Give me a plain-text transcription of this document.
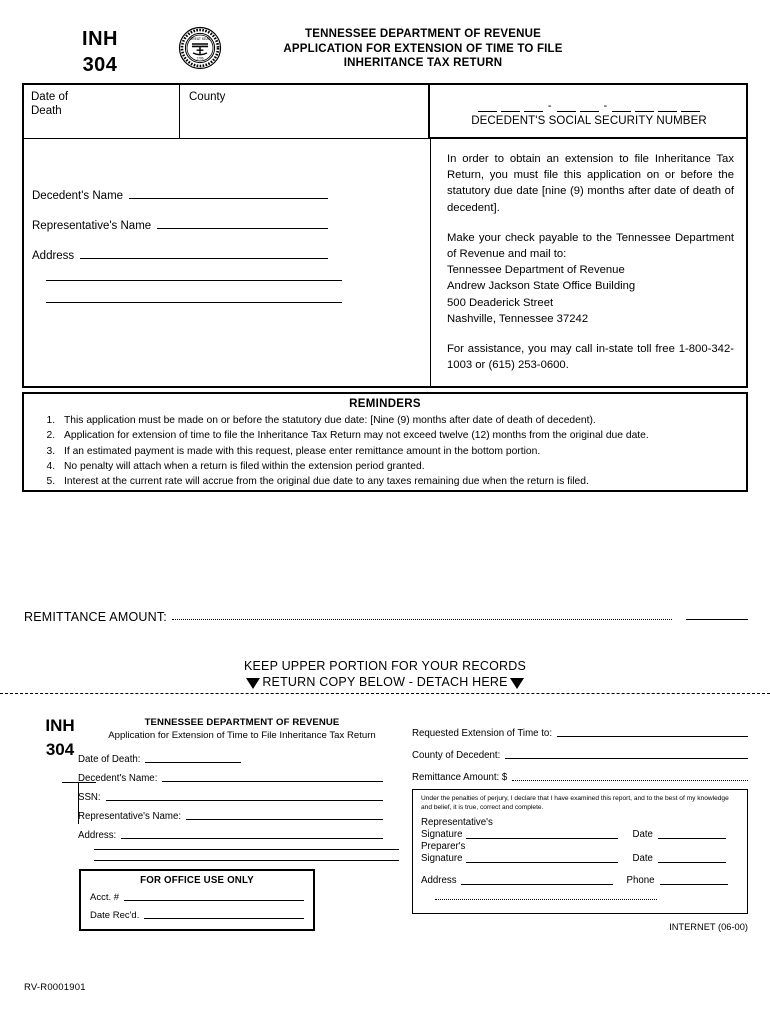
INH
304
GREAT SEAL
1796
TENNESSEE DEPARTMENT OF REVENUE
APPLICATION FOR EXTENSION OF TIME TO FILE
INHERITANCE TAX RETURN
Date of
Death
County
-	-
DECEDENT'S SOCIAL SECURITY NUMBER
Decedent's Name
Representative's Name
Address

In order to obtain an extension to file Inheritance Tax Return, you must file this application on or before the statutory due date [nine (9) months after date of death of decedent].

Make your check payable to the Tennessee Department of Revenue and mail to:

Tennessee Department of Revenue
Andrew Jackson State Office Building
500 Deaderick Street
Nashville, Tennessee 37242

For assistance, you may call in-state toll free 1-800-342-1003 or (615) 253-0600.

REMINDERS
1. This application must be made on or before the statutory due date: [Nine (9) months after date of death of decedent).
2. Application for extension of time to file the Inheritance Tax Return may not exceed twelve (12) months from the original due date.
3. If an estimated payment is made with this request, please enter remittance amount in the bottom portion.
4. No penalty will attach when a return is filed within the extension period granted.
5. Interest at the current rate will accrue from the original due date to any taxes remaining due when the return is filed.
REMITTANCE AMOUNT:
KEEP UPPER PORTION FOR YOUR RECORDS
RETURN COPY BELOW - DETACH HERE
INH
304
TENNESSEE DEPARTMENT OF REVENUE
Application for Extension of Time to File Inheritance Tax Return
Date of Death:
Decedent's Name:
SSN:
Representative's Name:
Address:
FOR OFFICE USE ONLY
Acct. #
Date Rec'd.
Requested Extension of Time to:
County of Decedent:
Remittance Amount: $
Under the penalties of perjury, I declare that I have examined this report, and to the best of my knowledge and belief, it is true, correct and complete.
Representative's
Signature	Date
Preparer's
Signature	Date
Address	Phone
INTERNET (06-00)
RV-R0001901
